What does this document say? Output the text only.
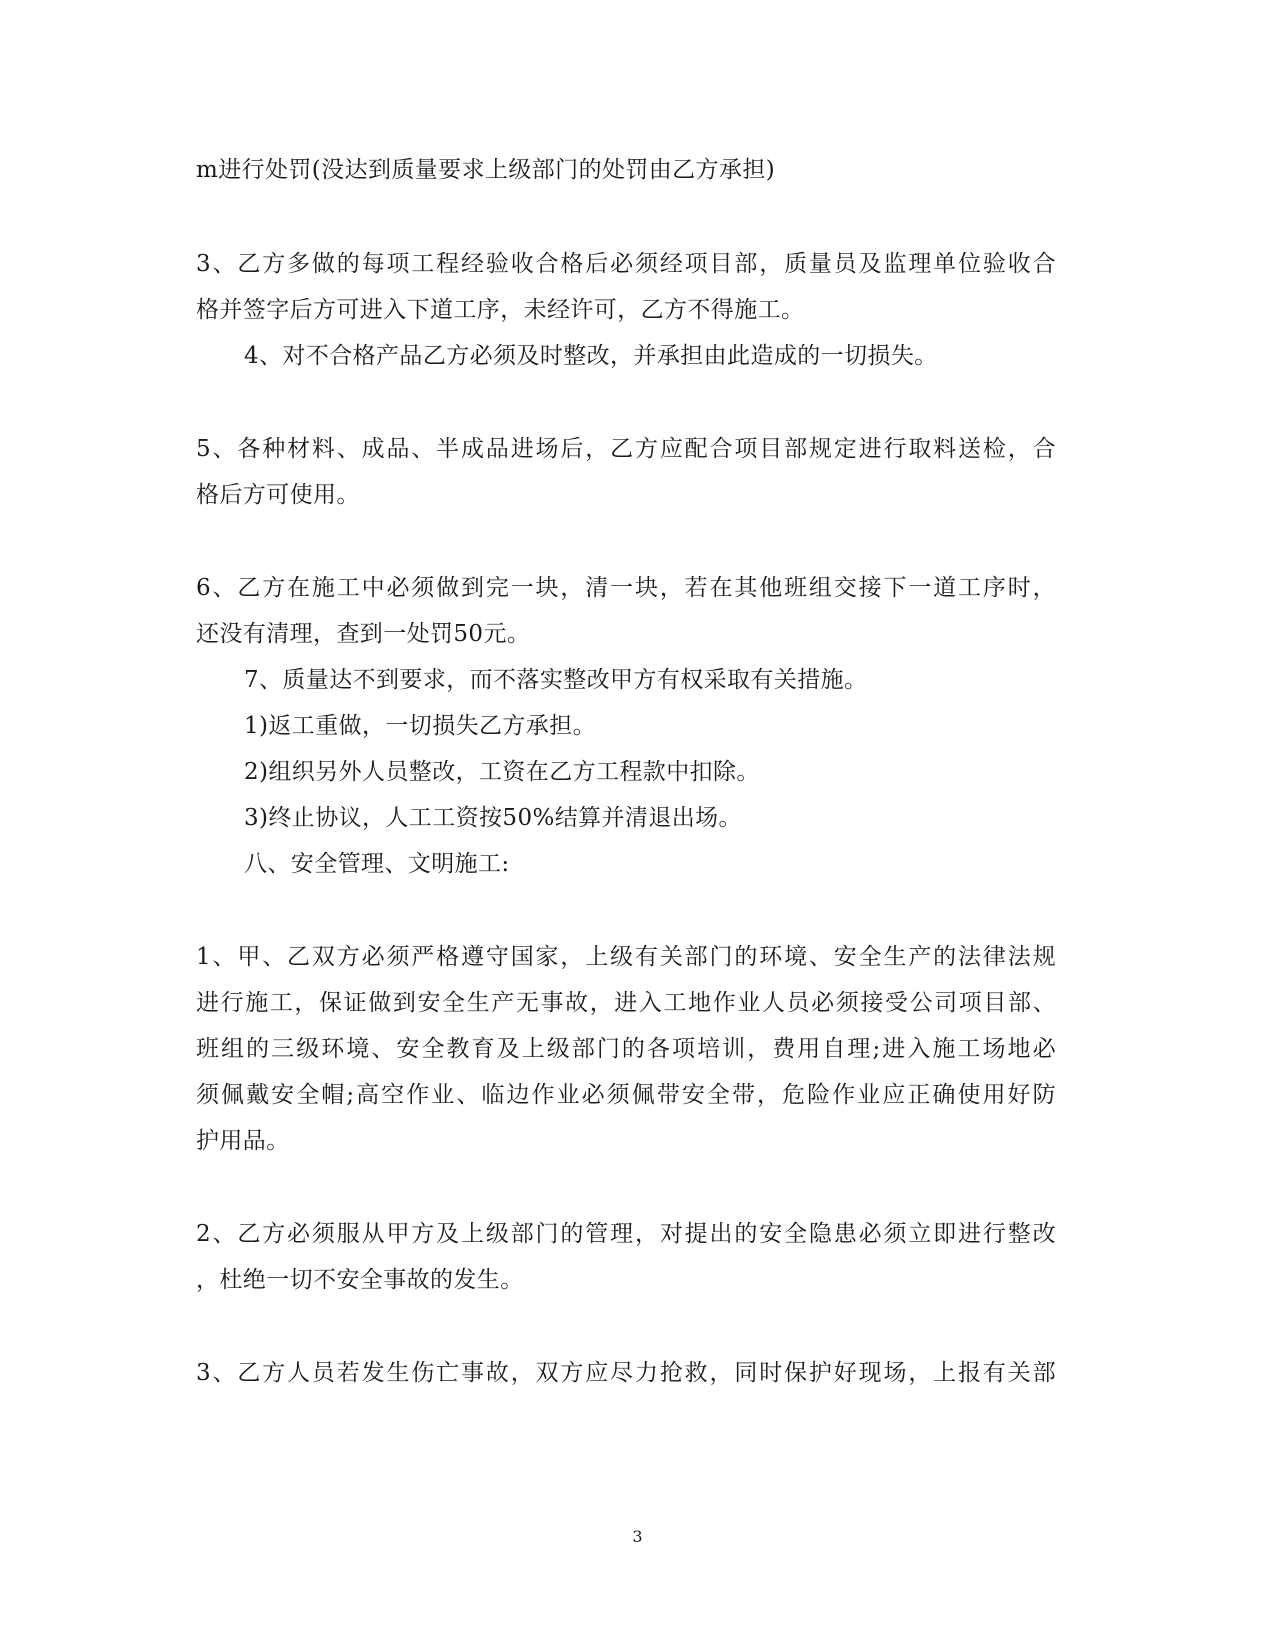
m进行处罚(没达到质量要求上级部门的处罚由乙方承担)
3、乙方多做的每项工程经验收合格后必须经项目部，质量员及监理单位验收合
格并签字后方可进入下道工序，未经许可，乙方不得施工。
4、对不合格产品乙方必须及时整改，并承担由此造成的一切损失。
5、各种材料、成品、半成品进场后，乙方应配合项目部规定进行取料送检，合
格后方可使用。
6、乙方在施工中必须做到完一块，清一块，若在其他班组交接下一道工序时，
还没有清理，查到一处罚50元。
7、质量达不到要求，而不落实整改甲方有权采取有关措施。
1)返工重做，一切损失乙方承担。
2)组织另外人员整改，工资在乙方工程款中扣除。
3)终止协议，人工工资按50%结算并清退出场。
八、安全管理、文明施工:
1、甲、乙双方必须严格遵守国家，上级有关部门的环境、安全生产的法律法规
进行施工，保证做到安全生产无事故，进入工地作业人员必须接受公司项目部、
班组的三级环境、安全教育及上级部门的各项培训，费用自理;进入施工场地必
须佩戴安全帽;高空作业、临边作业必须佩带安全带，危险作业应正确使用好防
护用品。
2、乙方必须服从甲方及上级部门的管理，对提出的安全隐患必须立即进行整改
，杜绝一切不安全事故的发生。
3、乙方人员若发生伤亡事故，双方应尽力抢救，同时保护好现场，上报有关部
3
